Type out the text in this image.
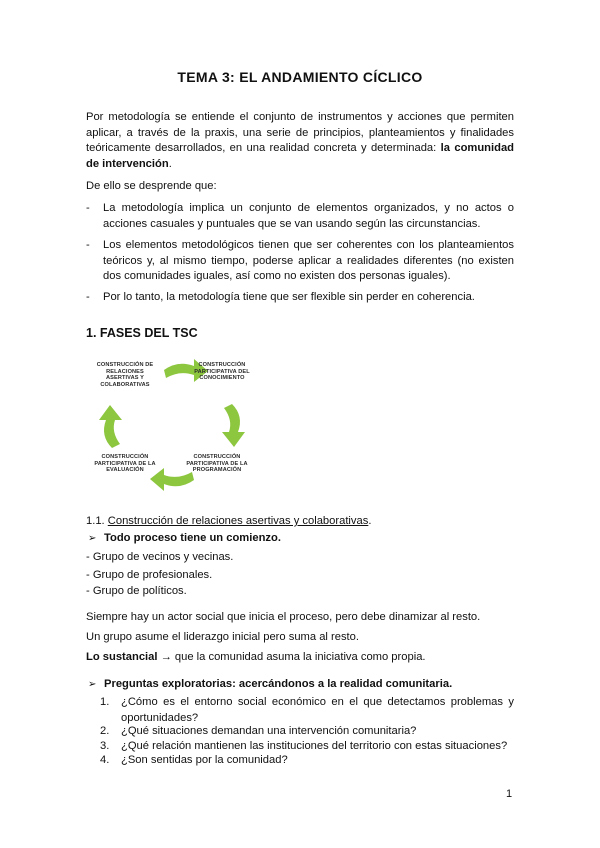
TEMA 3: EL ANDAMIENTO CÍCLICO
Por metodología se entiende el conjunto de instrumentos y acciones que permiten aplicar, a través de la praxis, una serie de principios, planteamientos y finalidades teóricamente desarrollados, en una realidad concreta y determinada: la comunidad de intervención.
De ello se desprende que:
- La metodología implica un conjunto de elementos organizados, y no actos o acciones casuales y puntuales que se van usando según las circunstancias.
- Los elementos metodológicos tienen que ser coherentes con los planteamientos teóricos y, al mismo tiempo, poderse aplicar a realidades diferentes (no existen dos comunidades iguales, así como no existen dos personas iguales).
- Por lo tanto, la metodología tiene que ser flexible sin perder en coherencia.
1. FASES DEL TSC
CONSTRUCCIÓN DE RELACIONES ASERTIVAS Y COLABORATIVAS
CONSTRUCCIÓN PARTICIPATIVA DEL CONOCIMIENTO
CONSTRUCCIÓN PARTICIPATIVA DE LA PROGRAMACIÓN
CONSTRUCCIÓN PARTICIPATIVA DE LA EVALUACIÓN
1.1. Construcción de relaciones asertivas y colaborativas.
➢ Todo proceso tiene un comienzo.
- Grupo de vecinos y vecinas.
- Grupo de profesionales.
- Grupo de políticos.
Siempre hay un actor social que inicia el proceso, pero debe dinamizar al resto.
Un grupo asume el liderazgo inicial pero suma al resto.
Lo sustancial → que la comunidad asuma la iniciativa como propia.
➢ Preguntas exploratorias: acercándonos a la realidad comunitaria.
1. ¿Cómo es el entorno social económico en el que detectamos problemas y oportunidades?
2. ¿Qué situaciones demandan una intervención comunitaria?
3. ¿Qué relación mantienen las instituciones del territorio con estas situaciones?
4. ¿Son sentidas por la comunidad?
1
